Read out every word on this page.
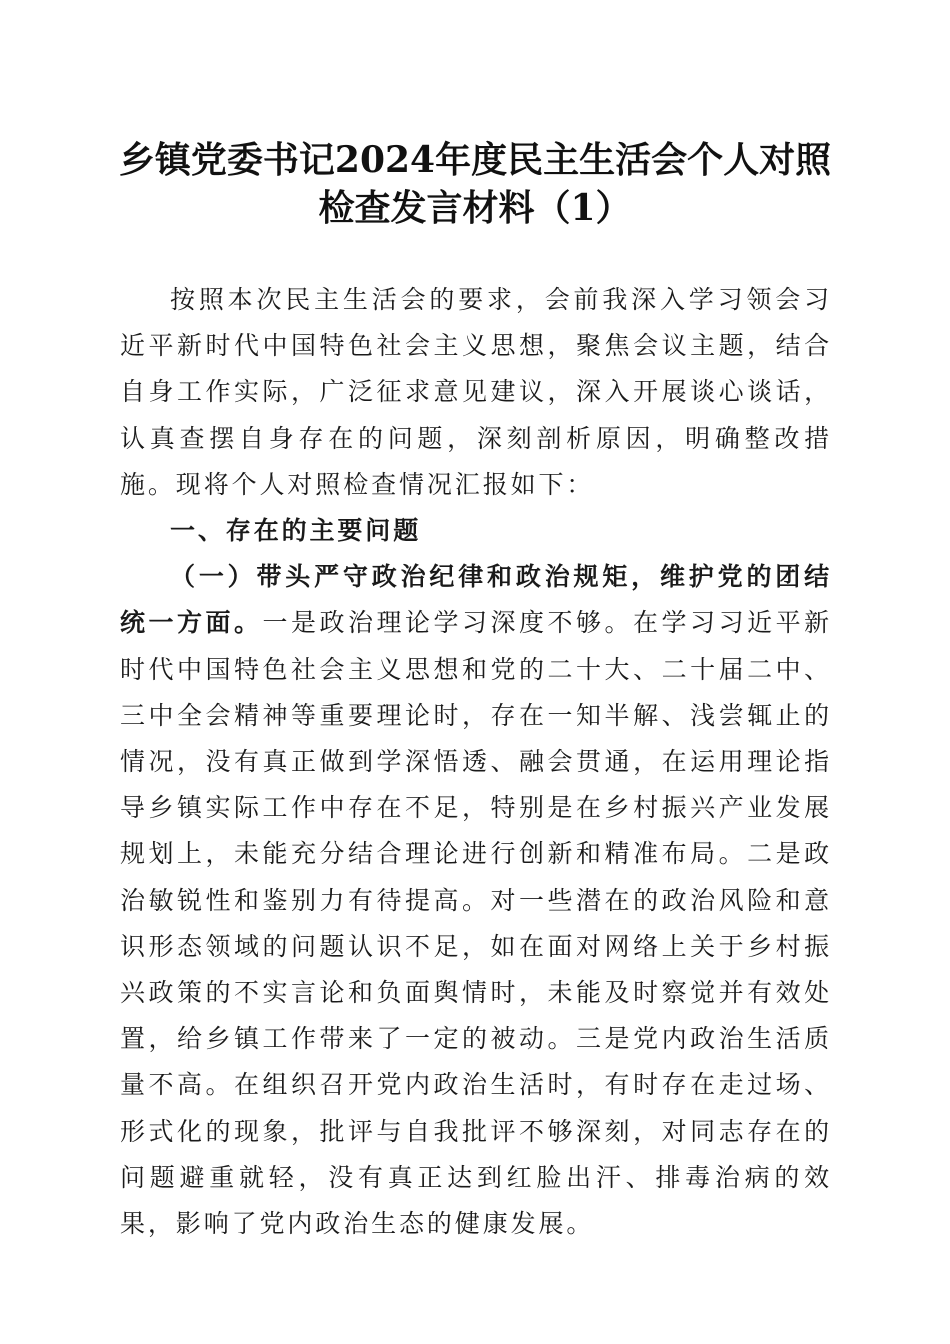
乡镇党委书记2024年度民主生活会个人对照
检查发言材料（1）

按照本次民主生活会的要求，会前我深入学习领会习近平新时代中国特色社会主义思想，聚焦会议主题，结合自身工作实际，广泛征求意见建议，深入开展谈心谈话，认真查摆自身存在的问题，深刻剖析原因，明确整改措施。现将个人对照检查情况汇报如下：

一、存在的主要问题

（一）带头严守政治纪律和政治规矩，维护党的团结统一方面。一是政治理论学习深度不够。在学习习近平新时代中国特色社会主义思想和党的二十大、二十届二中、三中全会精神等重要理论时，存在一知半解、浅尝辄止的情况，没有真正做到学深悟透、融会贯通，在运用理论指导乡镇实际工作中存在不足，特别是在乡村振兴产业发展规划上，未能充分结合理论进行创新和精准布局。二是政治敏锐性和鉴别力有待提高。对一些潜在的政治风险和意识形态领域的问题认识不足，如在面对网络上关于乡村振兴政策的不实言论和负面舆情时，未能及时察觉并有效处置，给乡镇工作带来了一定的被动。三是党内政治生活质量不高。在组织召开党内政治生活时，有时存在走过场、形式化的现象，批评与自我批评不够深刻，对同志存在的问题避重就轻，没有真正达到红脸出汗、排毒治病的效果，影响了党内政治生态的健康发展。
